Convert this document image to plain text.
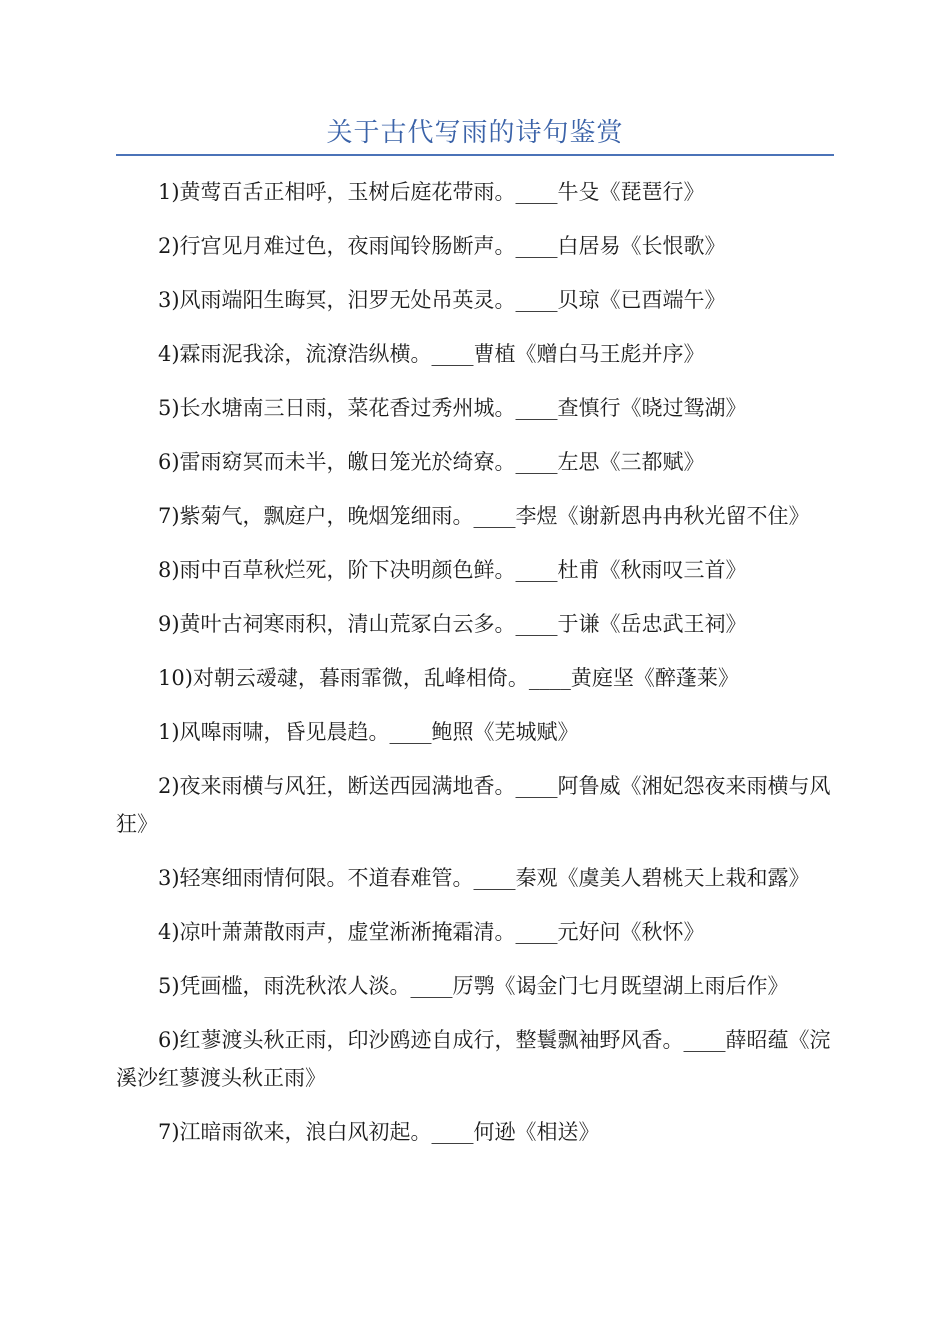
关于古代写雨的诗句鉴赏

1)黄莺百舌正相呼，玉树后庭花带雨。____牛殳《琵琶行》

2)行宫见月难过色，夜雨闻铃肠断声。____白居易《长恨歌》

3)风雨端阳生晦冥，汨罗无处吊英灵。____贝琼《已酉端午》

4)霖雨泥我涂，流潦浩纵横。____曹植《赠白马王彪并序》

5)长水塘南三日雨，菜花香过秀州城。____查慎行《晓过鸳湖》

6)雷雨窈冥而未半，皦日笼光於绮寮。____左思《三都赋》

7)紫菊气，飘庭户，晚烟笼细雨。____李煜《谢新恩冉冉秋光留不住》

8)雨中百草秋烂死，阶下决明颜色鲜。____杜甫《秋雨叹三首》

9)黄叶古祠寒雨积，清山荒冢白云多。____于谦《岳忠武王祠》

10)对朝云叆叇，暮雨霏微，乱峰相倚。____黄庭坚《醉蓬莱》

1)风嗥雨啸，昏见晨趋。____鲍照《芜城赋》

2)夜来雨横与风狂，断送西园满地香。____阿鲁威《湘妃怨夜来雨横与风狂》

3)轻寒细雨情何限。不道春难管。____秦观《虞美人碧桃天上栽和露》

4)凉叶萧萧散雨声，虚堂淅淅掩霜清。____元好问《秋怀》

5)凭画槛，雨洗秋浓人淡。____厉鹗《谒金门七月既望湖上雨后作》

6)红蓼渡头秋正雨，印沙鸥迹自成行，整鬟飘袖野风香。____薛昭蕴《浣溪沙红蓼渡头秋正雨》

7)江暗雨欲来，浪白风初起。____何逊《相送》
